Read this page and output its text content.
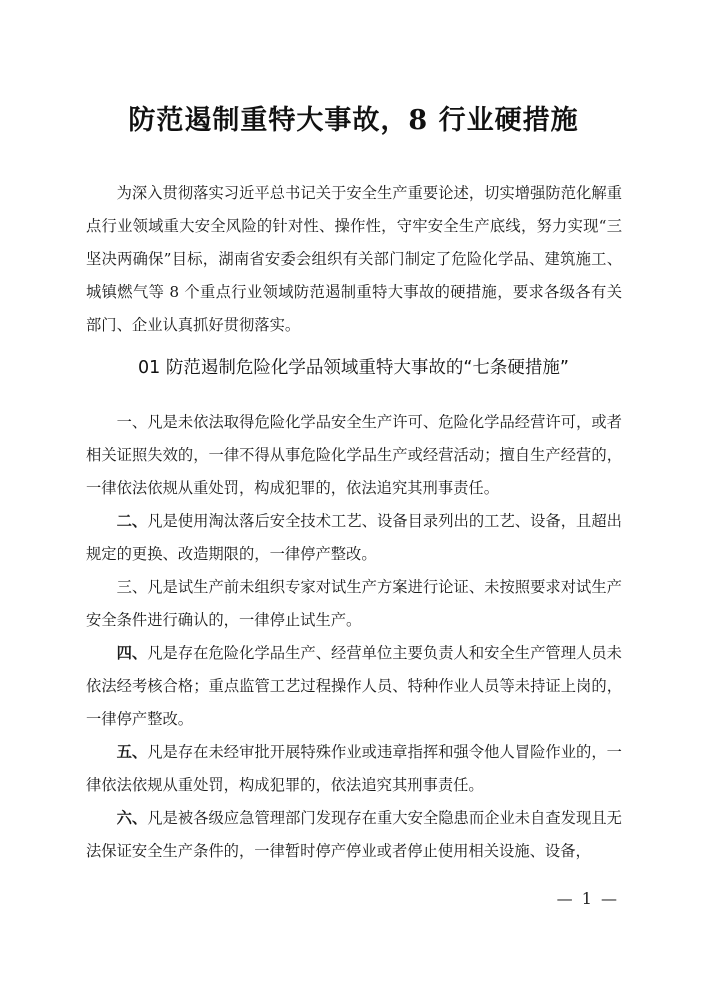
防范遏制重特大事故，8 行业硬措施

为深入贯彻落实习近平总书记关于安全生产重要论述，切实增强防范化解重点行业领域重大安全风险的针对性、操作性，守牢安全生产底线，努力实现“三坚决两确保”目标，湖南省安委会组织有关部门制定了危险化学品、建筑施工、城镇燃气等 8 个重点行业领域防范遏制重特大事故的硬措施，要求各级各有关部门、企业认真抓好贯彻落实。

01 防范遏制危险化学品领域重特大事故的“七条硬措施”

一、凡是未依法取得危险化学品安全生产许可、危险化学品经营许可，或者相关证照失效的，一律不得从事危险化学品生产或经营活动；擅自生产经营的，一律依法依规从重处罚，构成犯罪的，依法追究其刑事责任。

二、凡是使用淘汰落后安全技术工艺、设备目录列出的工艺、设备，且超出规定的更换、改造期限的，一律停产整改。

三、凡是试生产前未组织专家对试生产方案进行论证、未按照要求对试生产安全条件进行确认的，一律停止试生产。

四、凡是存在危险化学品生产、经营单位主要负责人和安全生产管理人员未依法经考核合格；重点监管工艺过程操作人员、特种作业人员等未持证上岗的，一律停产整改。

五、凡是存在未经审批开展特殊作业或违章指挥和强令他人冒险作业的，一律依法依规从重处罚，构成犯罪的，依法追究其刑事责任。

六、凡是被各级应急管理部门发现存在重大安全隐患而企业未自查发现且无法保证安全生产条件的，一律暂时停产停业或者停止使用相关设施、设备，

— 1 —
